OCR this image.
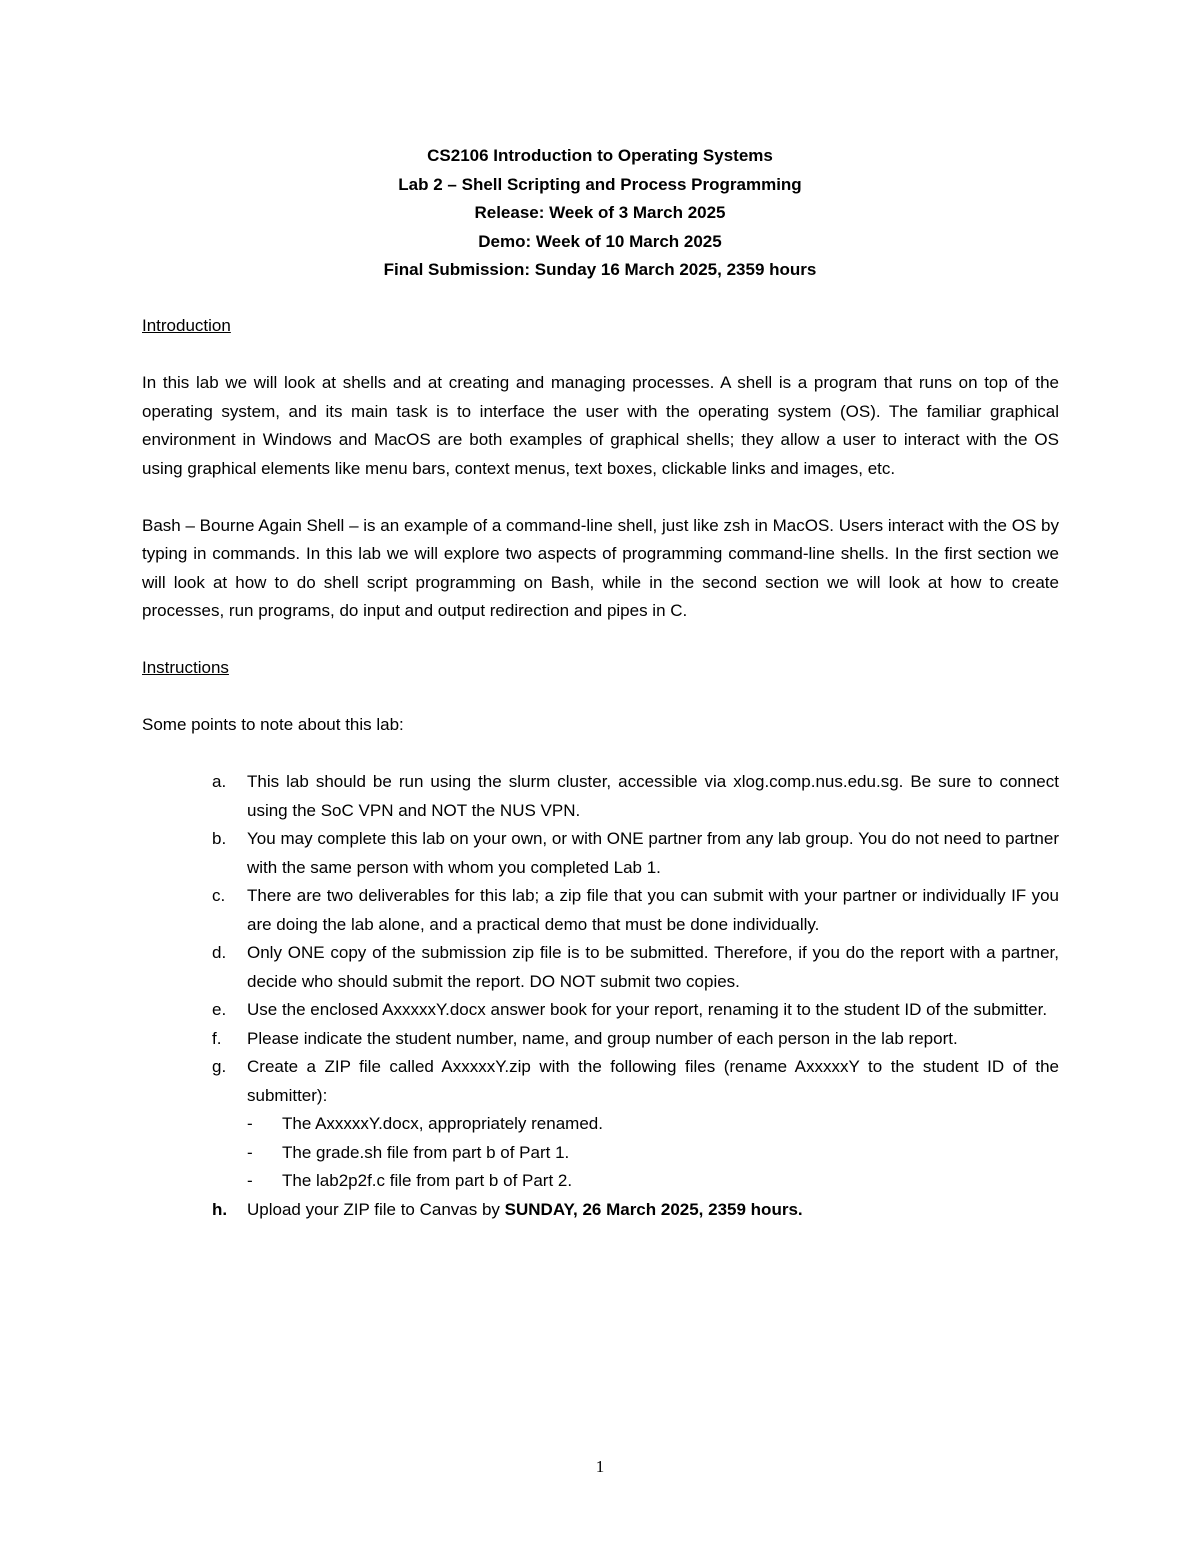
CS2106 Introduction to Operating Systems
Lab 2 – Shell Scripting and Process Programming
Release: Week of 3 March 2025
Demo: Week of 10 March 2025
Final Submission: Sunday 16 March 2025, 2359 hours
Introduction

In this lab we will look at shells and at creating and managing processes. A shell is a program that runs on top of the operating system, and its main task is to interface the user with the operating system (OS). The familiar graphical environment in Windows and MacOS are both examples of graphical shells; they allow a user to interact with the OS using graphical elements like menu bars, context menus, text boxes, clickable links and images, etc.

Bash – Bourne Again Shell – is an example of a command-line shell, just like zsh in MacOS. Users interact with the OS by typing in commands. In this lab we will explore two aspects of programming command-line shells. In the first section we will look at how to do shell script programming on Bash, while in the second section we will look at how to create processes, run programs, do input and output redirection and pipes in C.

Instructions

Some points to note about this lab:

a. This lab should be run using the slurm cluster, accessible via xlog.comp.nus.edu.sg. Be sure to connect using the SoC VPN and NOT the NUS VPN.
b. You may complete this lab on your own, or with ONE partner from any lab group. You do not need to partner with the same person with whom you completed Lab 1.
c. There are two deliverables for this lab; a zip file that you can submit with your partner or individually IF you are doing the lab alone, and a practical demo that must be done individually.
d. Only ONE copy of the submission zip file is to be submitted. Therefore, if you do the report with a partner, decide who should submit the report. DO NOT submit two copies.
e. Use the enclosed AxxxxxY.docx answer book for your report, renaming it to the student ID of the submitter.
f. Please indicate the student number, name, and group number of each person in the lab report.
g. Create a ZIP file called AxxxxxY.zip with the following files (rename AxxxxxY to the student ID of the submitter):
- The AxxxxxY.docx, appropriately renamed.
- The grade.sh file from part b of Part 1.
- The lab2p2f.c file from part b of Part 2.
h. Upload your ZIP file to Canvas by SUNDAY, 26 March 2025, 2359 hours.
1
